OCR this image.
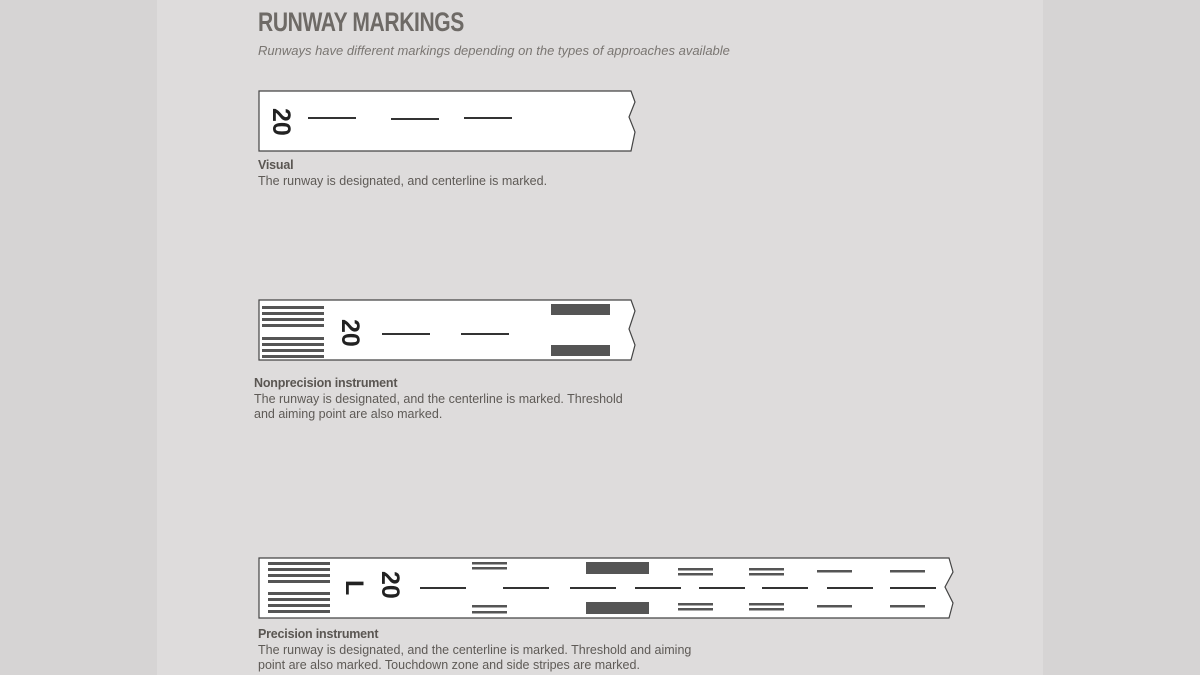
RUNWAY MARKINGS
Runways have different markings depending on the types of approaches available
20
Visual
The runway is designated, and centerline is marked.
20
Nonprecision instrument
The runway is designated, and the centerline is marked. Threshold
and aiming point are also marked.
20
L
Precision instrument
The runway is designated, and the centerline is marked. Threshold and aiming
point are also marked. Touchdown zone and side stripes are marked.
